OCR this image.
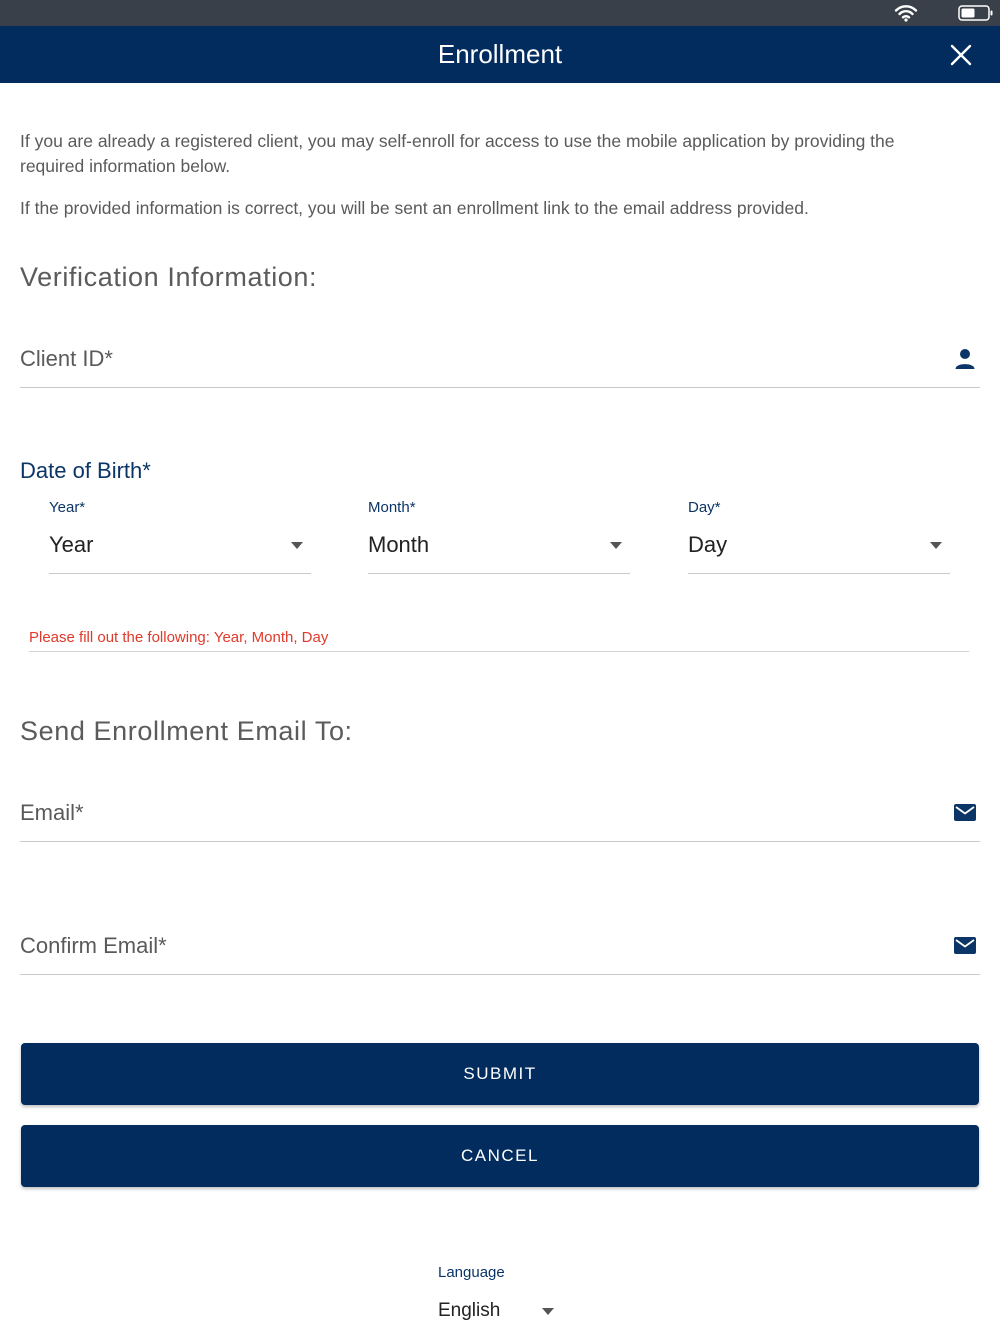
Enrollment

If you are already a registered client, you may self-enroll for access to use the mobile application by providing the required information below.

If the provided information is correct, you will be sent an enrollment link to the email address provided.

Verification Information:
Client ID*
Date of Birth*
Year*
Year
Month*
Month
Day*
Day
Please fill out the following: Year, Month, Day
Send Enrollment Email To:
Email*
Confirm Email*
SUBMIT
CANCEL
Language
English
